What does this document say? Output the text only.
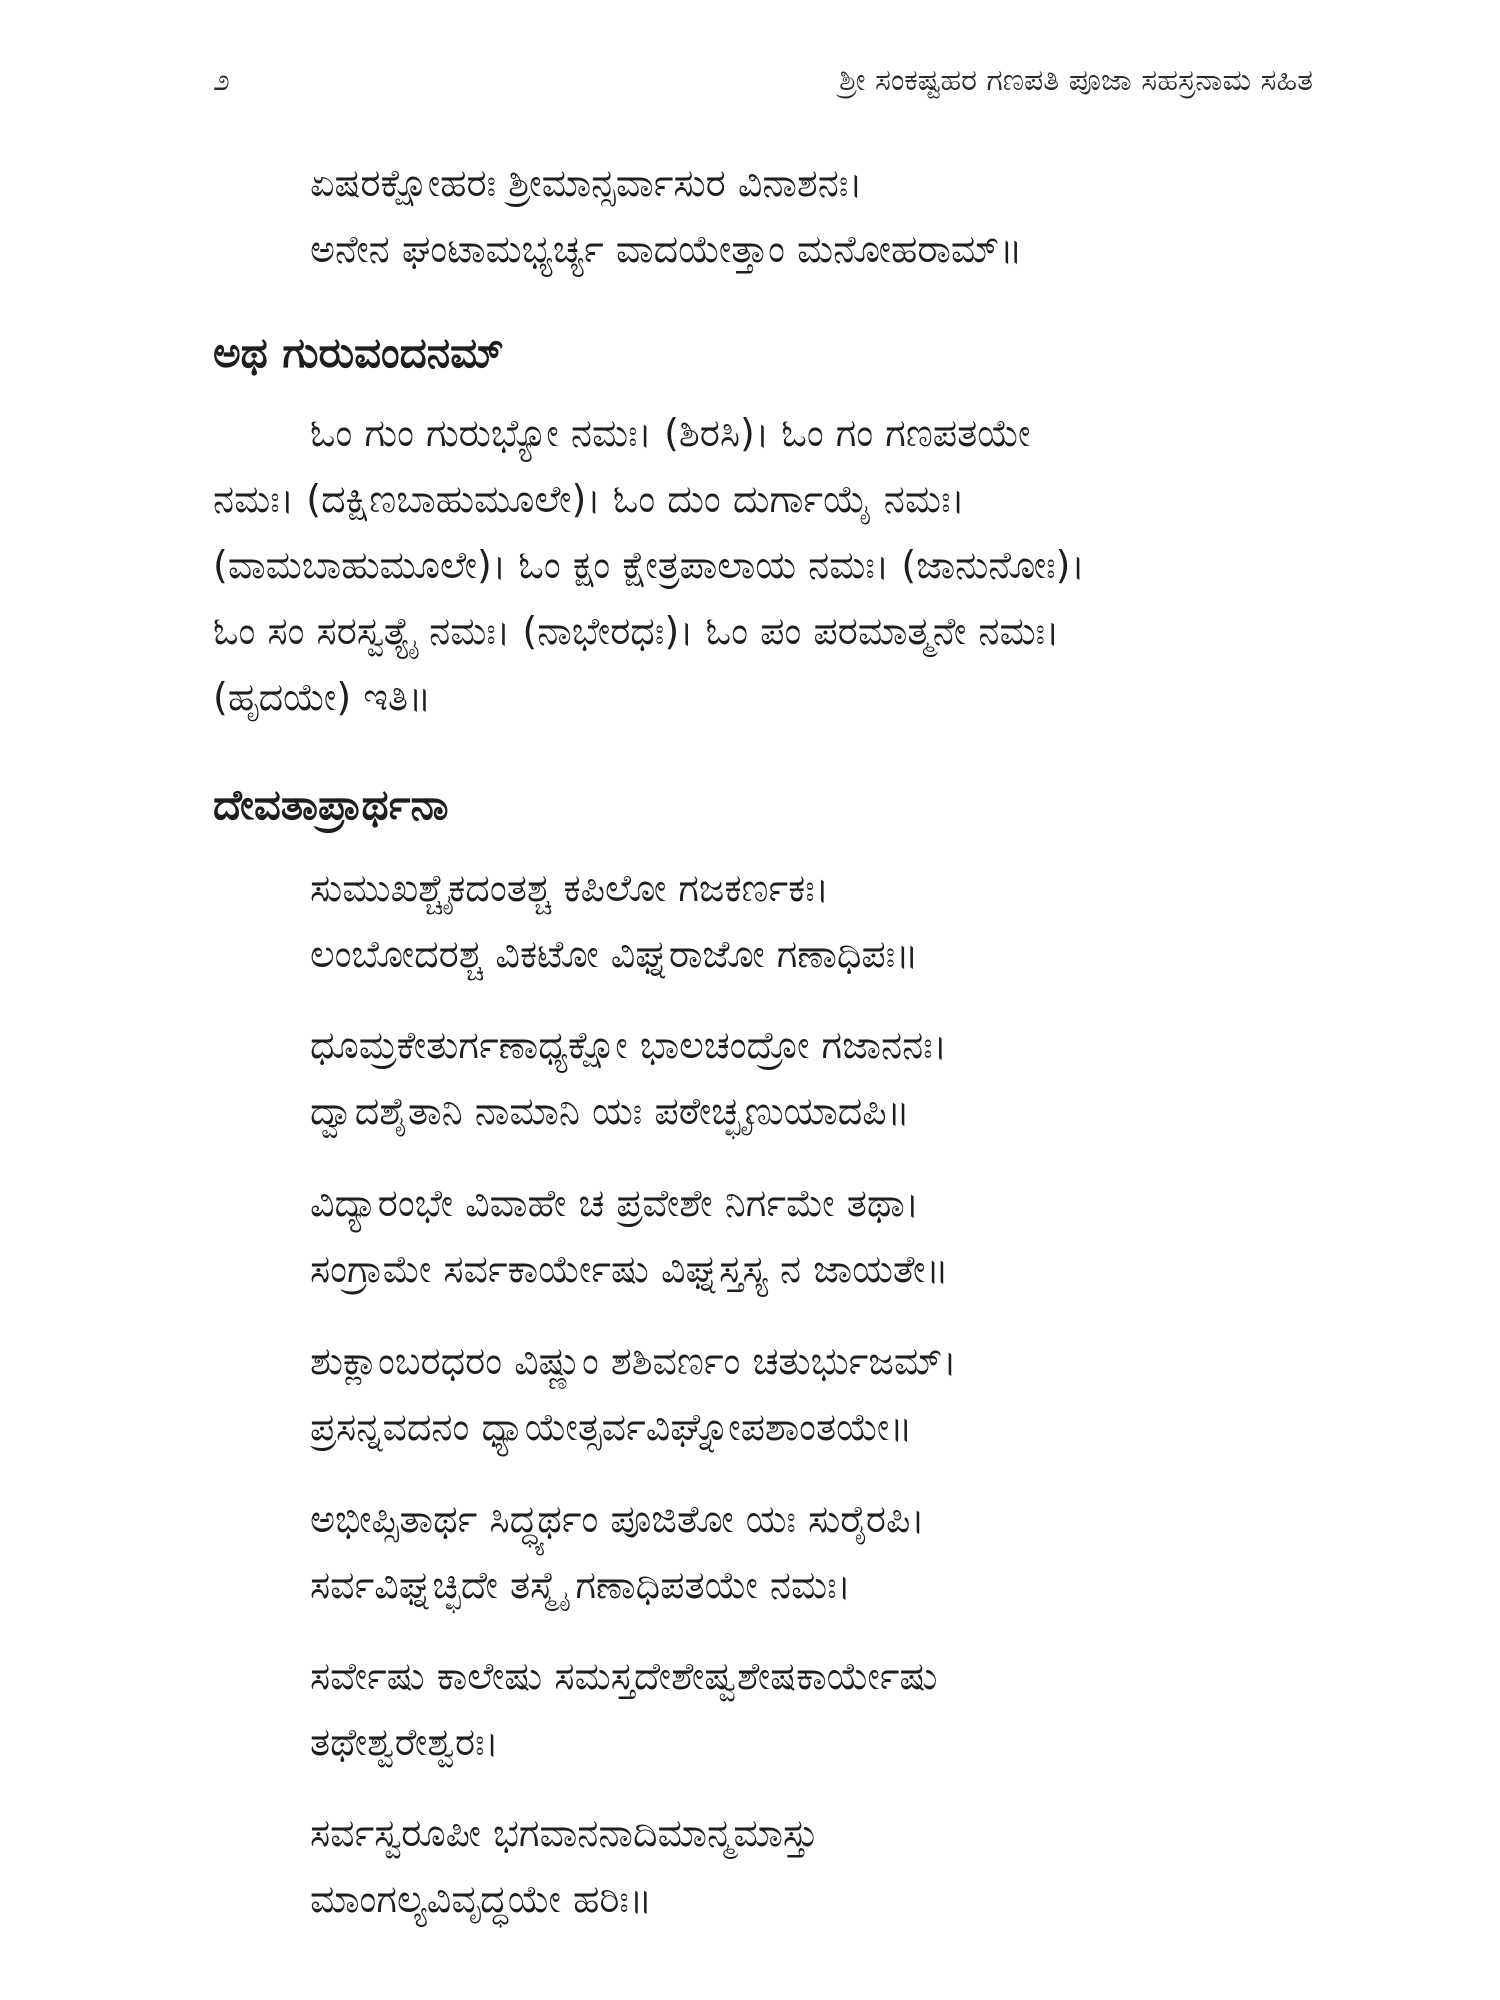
೨	ಶ್ರೀ ಸಂಕಷ್ಟಹರ ಗಣಪತಿ ಪೂಜಾ ಸಹಸ್ರನಾಮ ಸಹಿತ
ಏಷರಕ್ಷೋಹರಃ ಶ್ರೀಮಾನ್ಸರ್ವಾಸುರ ವಿನಾಶನಃ।
ಅನೇನ ಘಂಟಾಮಭ್ಯರ್ಚ್ಯ ವಾದಯೇತ್ತಾಂ ಮನೋಹರಾಮ್॥
ಅಥ ಗುರುವಂದನಮ್
ಓಂ ಗುಂ ಗುರುಭ್ಯೋ ನಮಃ। (ಶಿರಸಿ)। ಓಂ ಗಂ ಗಣಪತಯೇ
ನಮಃ। (ದಕ್ಷಿಣಬಾಹುಮೂಲೇ)। ಓಂ ದುಂ ದುರ್ಗಾಯೈ ನಮಃ।
(ವಾಮಬಾಹುಮೂಲೇ)। ಓಂ ಕ್ಷಂ ಕ್ಷೇತ್ರಪಾಲಾಯ ನಮಃ। (ಜಾನುನೋಃ)।
ಓಂ ಸಂ ಸರಸ್ವತ್ಯೈ ನಮಃ। (ನಾಭೇರಧಃ)। ಓಂ ಪಂ ಪರಮಾತ್ಮನೇ ನಮಃ।
(ಹೃದಯೇ) ಇತಿ॥
ದೇವತಾಪ್ರಾರ್ಥನಾ
ಸುಮುಖಶ್ಚೈಕದಂತಶ್ಚ ಕಪಿಲೋ ಗಜಕರ್ಣಕಃ।
ಲಂಬೋದರಶ್ಚ ವಿಕಟೋ ವಿಘ್ನರಾಜೋ ಗಣಾಧಿಪಃ॥
ಧೂಮ್ರಕೇತುರ್ಗಣಾಧ್ಯಕ್ಷೋ ಭಾಲಚಂದ್ರೋ ಗಜಾನನಃ।
ದ್ವಾದಶೈತಾನಿ ನಾಮಾನಿ ಯಃ ಪಠೇಚ್ಛೃಣುಯಾದಪಿ॥
ವಿದ್ಯಾರಂಭೇ ವಿವಾಹೇ ಚ ಪ್ರವೇಶೇ ನಿರ್ಗಮೇ ತಥಾ।
ಸಂಗ್ರಾಮೇ ಸರ್ವಕಾರ್ಯೇಷು ವಿಘ್ನಸ್ತಸ್ಯ ನ ಜಾಯತೇ॥
ಶುಕ್ಲಾಂಬರಧರಂ ವಿಷ್ಣುಂ ಶಶಿವರ್ಣಂ ಚತುರ್ಭುಜಮ್।
ಪ್ರಸನ್ನವದನಂ ಧ್ಯಾಯೇತ್ಸರ್ವವಿಘ್ನೋಪಶಾಂತಯೇ॥
ಅಭೀಪ್ಸಿತಾರ್ಥ ಸಿದ್ಧ್ಯರ್ಥಂ ಪೂಜಿತೋ ಯಃ ಸುರೈರಪಿ।
ಸರ್ವವಿಘ್ನಚ್ಛಿದೇ ತಸ್ಮೈ ಗಣಾಧಿಪತಯೇ ನಮಃ।
ಸರ್ವೇಷು ಕಾಲೇಷು ಸಮಸ್ತದೇಶೇಷ್ವಶೇಷಕಾರ್ಯೇಷು
ತಥೇಶ್ವರೇಶ್ವರಃ।
ಸರ್ವಸ್ವರೂಪೀ ಭಗವಾನನಾದಿಮಾನ್ಮಮಾಸ್ತು
ಮಾಂಗಲ್ಯವಿವೃದ್ಧಯೇ ಹರಿಃ॥
